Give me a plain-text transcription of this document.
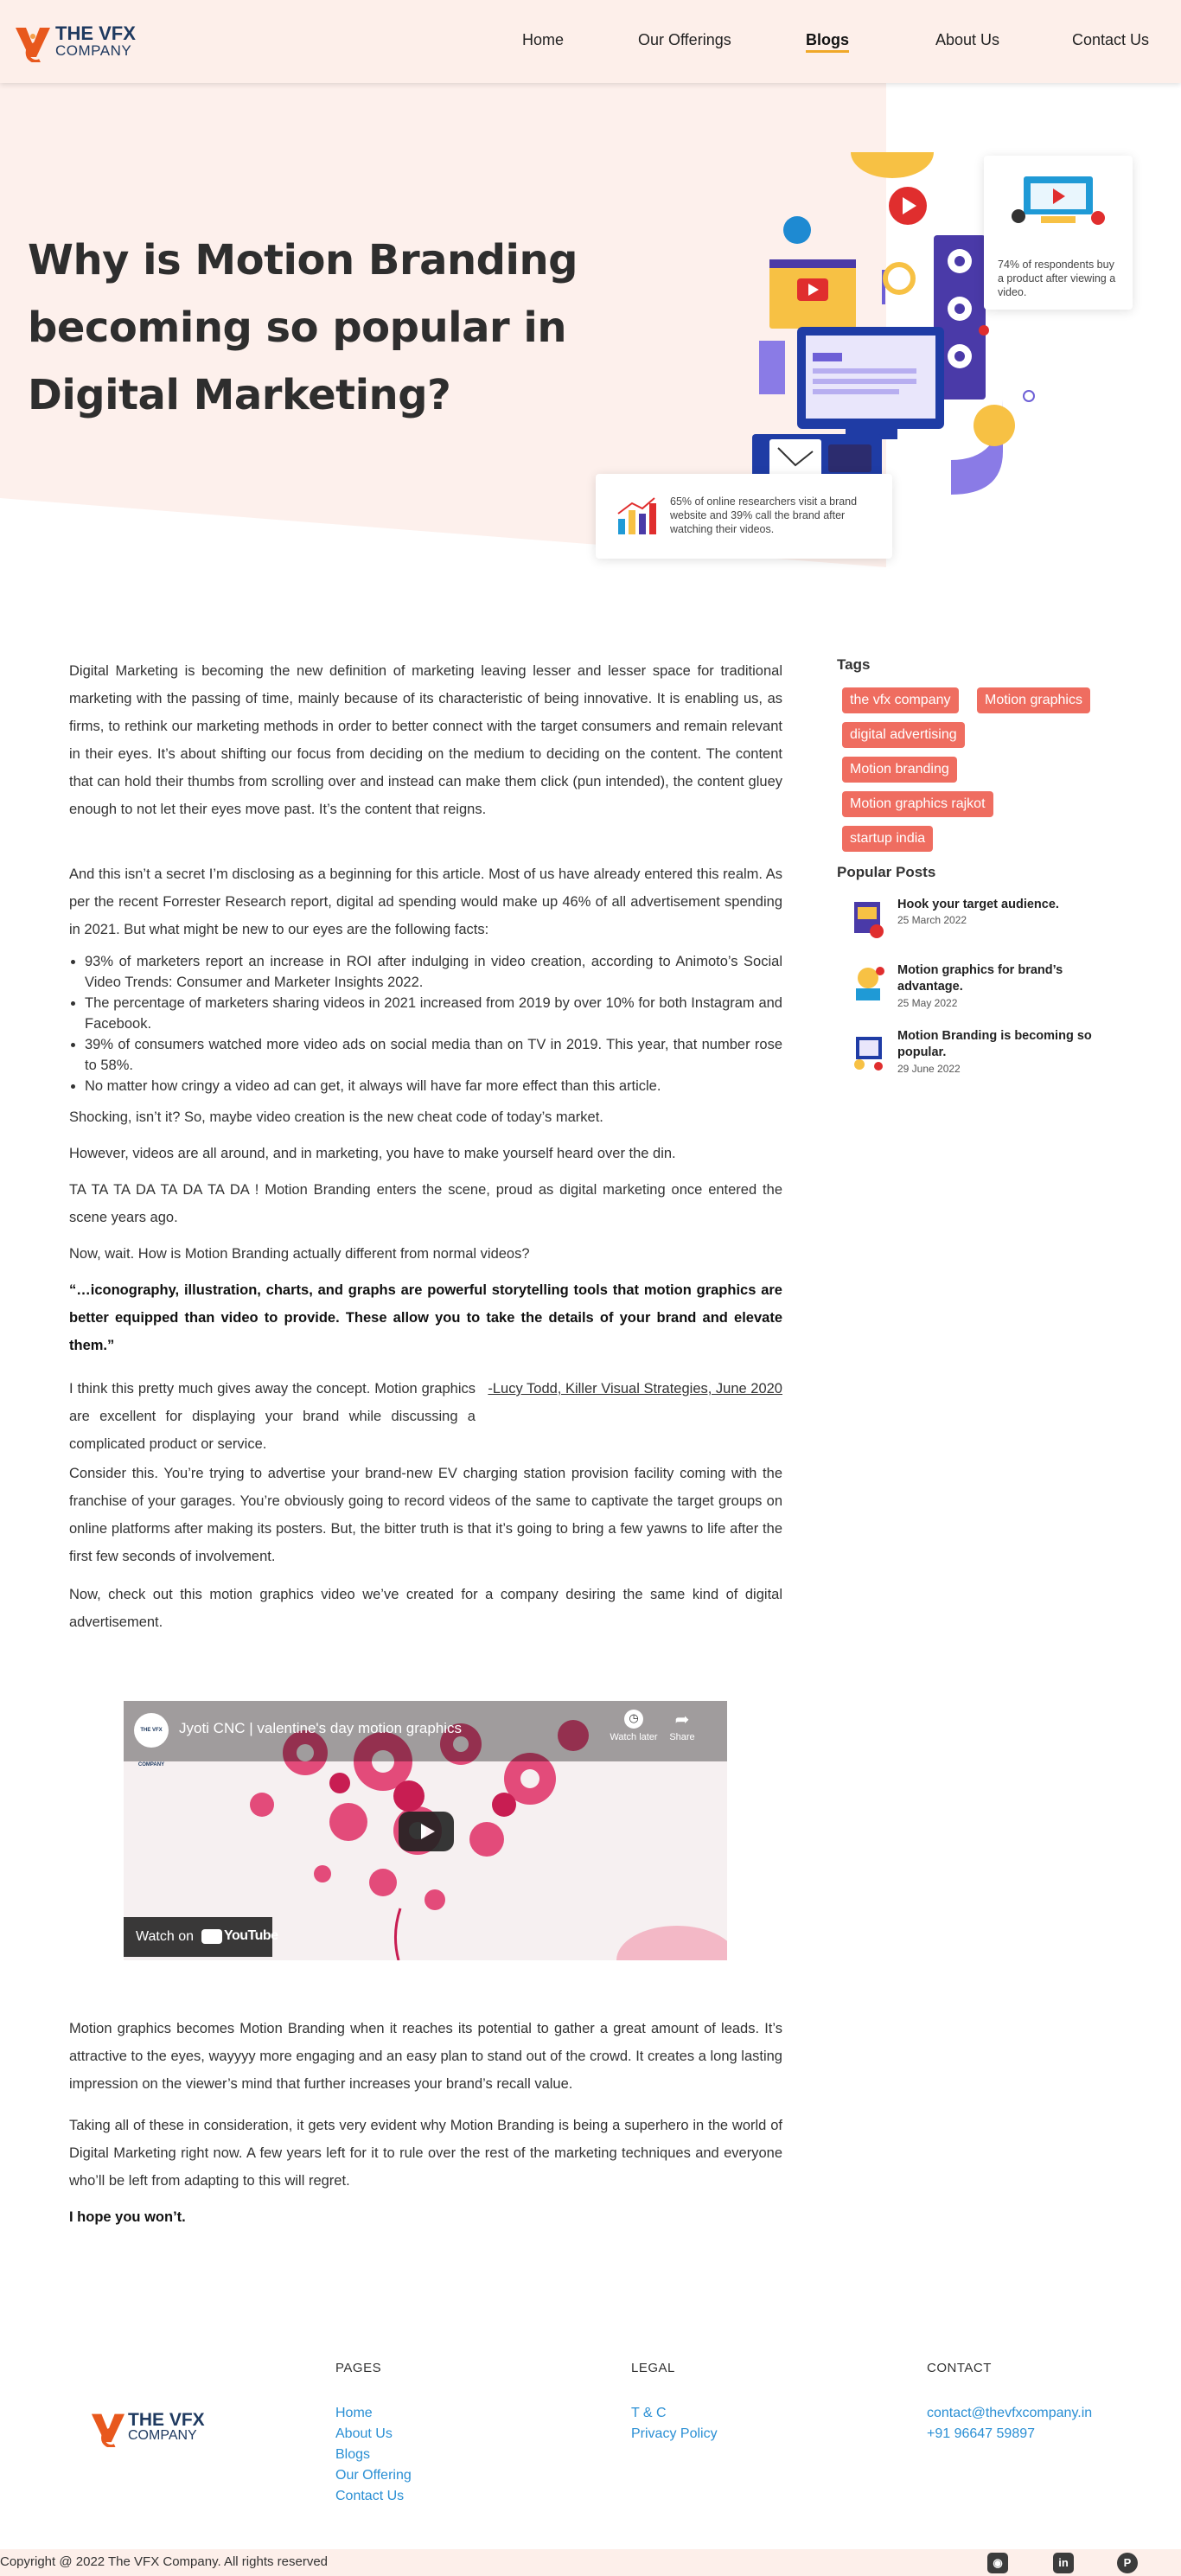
THE VFX
COMPANY
Home	Our Offerings	Blogs	About Us	Contact Us
Why is Motion Branding becoming so popular in Digital Marketing?
74% of respondents buy a product after viewing a video.
65% of online researchers visit a brand website and 39% call the brand after watching their videos.

Digital Marketing is becoming the new definition of marketing leaving lesser and lesser space for traditional marketing with the passing of time, mainly because of its characteristic of being innovative. It is enabling us, as firms, to rethink our marketing methods in order to better connect with the target consumers and remain relevant in their eyes. It’s about shifting our focus from deciding on the medium to deciding on the content. The content that can hold their thumbs from scrolling over and instead can make them click (pun intended), the content gluey enough to not let their eyes move past. It’s the content that reigns.

And this isn’t a secret I’m disclosing as a beginning for this article. Most of us have already entered this realm. As per the recent Forrester Research report, digital ad spending would make up 46% of all advertisement spending in 2021. But what might be new to our eyes are the following facts:

• 93% of marketers report an increase in ROI after indulging in video creation, according to Animoto’s Social Video Trends: Consumer and Marketer Insights 2022.
• The percentage of marketers sharing videos in 2021 increased from 2019 by over 10% for both Instagram and Facebook.
• 39% of consumers watched more video ads on social media than on TV in 2019. This year, that number rose to 58%.
• No matter how cringy a video ad can get, it always will have far more effect than this article.

Shocking, isn’t it? So, maybe video creation is the new cheat code of today’s market.

However, videos are all around, and in marketing, you have to make yourself heard over the din.

TA TA TA DA TA DA TA DA ! Motion Branding enters the scene, proud as digital marketing once entered the scene years ago.

Now, wait. How is Motion Branding actually different from normal videos?

“…iconography, illustration, charts, and graphs are powerful storytelling tools that motion graphics are better equipped than video to provide. These allow you to take the details of your brand and elevate them.”

I think this pretty much gives away the concept. Motion graphics are excellent for displaying your brand while discussing a complicated product or service.

-Lucy Todd, Killer Visual Strategies, June 2020

Consider this. You’re trying to advertise your brand-new EV charging station provision facility coming with the franchise of your garages. You’re obviously going to record videos of the same to captivate the target groups on online platforms after making its posters. But, the bitter truth is that it’s going to bring a few yawns to life after the first few seconds of involvement.

Now, check out this motion graphics video we’ve created for a company desiring the same kind of digital advertisement.

Motion graphics becomes Motion Branding when it reaches its potential to gather a great amount of leads. It’s attractive to the eyes, wayyyy more engaging and an easy plan to stand out of the crowd. It creates a long lasting impression on the viewer’s mind that further increases your brand’s recall value.

Taking all of these in consideration, it gets very evident why Motion Branding is being a superhero in the world of Digital Marketing right now. A few years left for it to rule over the rest of the marketing techniques and everyone who’ll be left from adapting to this will regret.

I hope you won’t.

THE VFX COMPANY
Jyoti CNC | valentine's day motion graphics
◷
Watch later
➦
Share
Watch on YouTube
Tags
the vfx company	Motion graphics
digital advertising
Motion branding
Motion graphics rajkot
startup india
Popular Posts
Hook your target audience.
25 March 2022
Motion graphics for brand’s advantage.
25 May 2022
Motion Branding is becoming so popular.
29 June 2022
THE VFX
COMPANY
PAGES
Home
About Us
Blogs
Our Offering
Contact Us
LEGAL
T & C
Privacy Policy
CONTACT
contact@thevfxcompany.in
+91 96647 59897
Copyright @ 2022 The VFX Company. All rights reserved	◉	in	P
